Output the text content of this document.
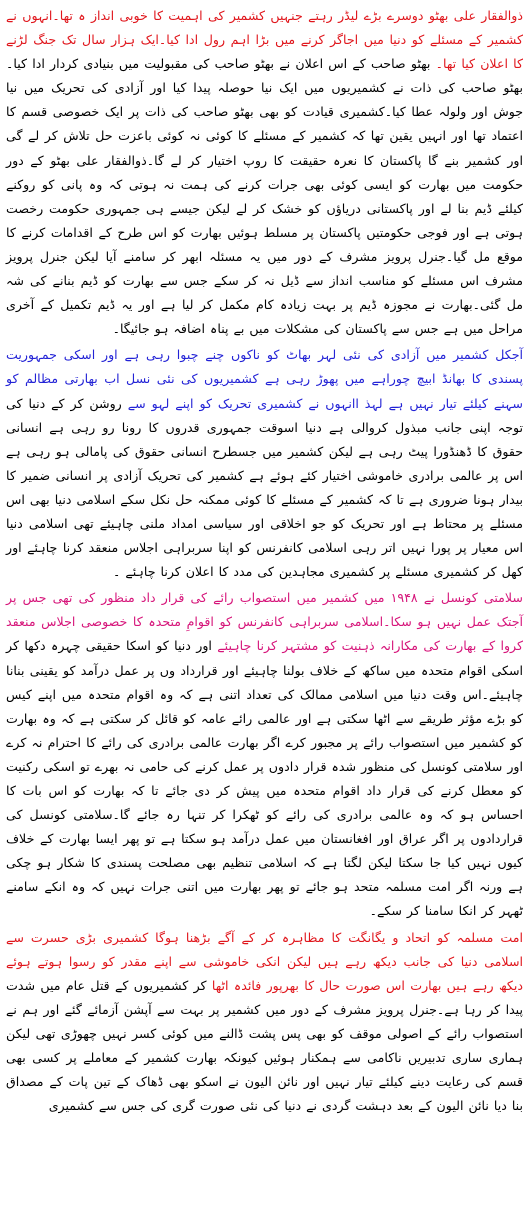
ذوالفقار علی بھٹو دوسرے بڑے لیڈر رہتے جنہیں کشمیر کی اہمیت کا خوبی انداز ہ تھا۔انہوں نے کشمیر کے مسئلے کو دنیا میں اجاگر کرنے میں بڑا اہم رول ادا کیا۔ایک ہزار سال تک جنگ لڑنے کا اعلان کیا تھا۔ بھٹو صاحب کے اس اعلان نے بھٹو صاحب کی مقبولیت میں بنیادی کردار ادا کیا۔بھٹو صاحب کی ذات نے کشمیریوں میں ایک نیا حوصلہ پیدا کیا اور آزادی کی تحریک میں نیا جوش اور ولولہ عطا کیا۔کشمیری قیادت کو بھی بھٹو صاحب کی ذات پر ایک خصوصی قسم کا اعتماد تھا اور انہیں یقین تھا کہ کشمیر کے مسئلے کا کوئی نہ کوئی باعزت حل تلاش کر لے گی اور کشمیر بنے گا پاکستان کا نعرہ حقیقت کا روپ اختیار کر لے گا۔ذوالفقار علی بھٹو کے دور حکومت میں بھارت کو ایسی کوئی بھی جرات کرنے کی ہمت نہ ہوتی کہ وہ پانی کو روکنے کیلئے ڈیم بنا لے اور پاکستانی دریاؤں کو خشک کر لے لیکن جیسے ہی جمہوری حکومت رخصت ہوتی ہے اور فوجی حکومتیں پاکستان پر مسلط ہوئیں بھارت کو اس طرح کے اقدامات کرنے کا موقع مل گیا۔جنرل پرویز مشرف کے دور میں یہ مسئلہ ابھر کر سامنے آیا لیکن جنرل پرویز مشرف اس مسئلے کو مناسب انداز سے ڈیل نہ کر سکے جس سے بھارت کو ڈیم بنانے کی شہ مل گئی۔بھارت نے مجوزہ ڈیم پر بہت زیادہ کام مکمل کر لیا ہے اور یہ ڈیم تکمیل کے آخری مراحل میں ہے جس سے پاکستان کی مشکلات میں بے پناہ اضافہ ہو جائیگا۔

آجکل کشمیر میں آزادی کی نئی لہر بھاٹ کو ناکوں چنے چبوا رہی ہے اور اسکی جمہوریت پسندی کا بھانڈ ابیچ چوراہے میں پھوڑ رہی ہے کشمیریوں کی نئی نسل اب بھارتی مظالم کو سہنے کیلئے تیار نہیں ہے لہذ اانہوں نے کشمیری تحریک کو اپنے لہو سے روشن کر کے دنیا کی توجہ اپنی جانب مبذول کروالی ہے دنیا اسوقت جمہوری قدروں کا رونا رو رہی ہے انسانی حقوق کا ڈھنڈورا پیٹ رہی ہے لیکن کشمیر میں جسطرح انسانی حقوق کی پامالی ہو رہی ہے اس پر عالمی برادری خاموشی اختیار کئے ہوئے ہے کشمیر کی تحریک آزادی پر انسانی ضمیر کا بیدار ہونا ضروری ہے تا کہ کشمیر کے مسئلے کا کوئی ممکنہ حل نکل سکے اسلامی دنیا بھی اس مسئلے پر محتاط ہے اور تحریک کو جو اخلاقی اور سیاسی امداد ملنی چاہیئے تھی اسلامی دنیا اس معیار پر پورا نہیں اتر رہی اسلامی کانفرنس کو اپنا سربراہی اجلاس منعقد کرنا چاہئے اور کھل کر کشمیری مسئلے پر کشمیری مجاہدین کی مدد کا اعلان کرنا چاہئے ۔

سلامتی کونسل نے ۱۹۴۸ میں کشمیر میں استصواب رائے کی قرار داد منظور کی تھی جس پر آجتک عمل نہیں ہو سکا۔اسلامی سربراہی کانفرنس کو اقوامِ متحدہ کا خصوصی اجلاس منعقد کروا کے بھارت کی مکارانہ ذہنیت کو مشتہر کرنا چاہیئے اور دنیا کو اسکا حقیقی چہرہ دکھا کر اسکی اقوام متحدہ میں ساکھ کے خلاف بولنا چاہیئے اور قرارداد وں پر عمل درآمد کو یقینی بنانا چاہیئے۔اس وقت دنیا میں اسلامی ممالک کی تعداد اتنی ہے کہ وہ اقوام متحدہ میں اپنے کیس کو بڑے مؤثر طریقے سے اٹھا سکتی ہے اور عالمی رائے عامہ کو قائل کر سکتی ہے کہ وہ بھارت کو کشمیر میں استصواب رائے پر مجبور کرے اگر بھارت عالمی برادری کی رائے کا احترام نہ کرے اور سلامتی کونسل کی منظور شدہ قرار دادوں پر عمل کرنے کی حامی نہ بھرے تو اسکی رکنیت کو معطل کرنے کی قرار داد اقوام متحدہ میں پیش کر دی جائے تا کہ بھارت کو اس بات کا احساس ہو کہ وہ عالمی برادری کی رائے کو ٹھکرا کر تنہا رہ جائے گا۔سلامتی کونسل کی قراردادوں پر اگر عراق اور افغانستان میں عمل درآمد ہو سکتا ہے تو پھر ایسا بھارت کے خلاف کیوں نہیں کیا جا سکتا لیکن لگتا ہے کہ اسلامی تنظیم بھی مصلحت پسندی کا شکار ہو چکی ہے ورنہ اگر امت مسلمہ متحد ہو جائے تو پھر بھارت میں اتنی جرات نہیں کہ وہ انکے سامنے ٹھہر کر انکا سامنا کر سکے۔

امت مسلمہ کو اتحاد و یگانگت کا مظاہرہ کر کے آگے بڑھنا ہوگا کشمیری بڑی حسرت سے اسلامی دنیا کی جانب دیکھ رہے ہیں لیکن انکی خاموشی سے اپنے مقدر کو رسوا ہوتے ہوئے دیکھ رہے ہیں بھارت اس صورت حال کا بھرپور فائدہ اٹھا کر کشمیریوں کے قتل عام میں شدت پیدا کر رہا ہے۔جنرل پرویز مشرف کے دور میں کشمیر پر بہت سے آپشن آزمائے گئے اور ہم نے استصواب رائے کے اصولی موقف کو بھی پس پشت ڈالنے میں کوئی کسر نہیں چھوڑی تھی لیکن ہماری ساری تدبیریں ناکامی سے ہمکنار ہوئیں کیونکہ بھارت کشمیر کے معاملے پر کسی بھی قسم کی رعایت دینے کیلئے تیار نہیں اور نائن الیون نے اسکو بھی ڈھاک کے تین پات کے مصداق بنا دیا نائن الیون کے بعد دہشت گردی نے دنیا کی نئی صورت گری کی جس سے کشمیری
